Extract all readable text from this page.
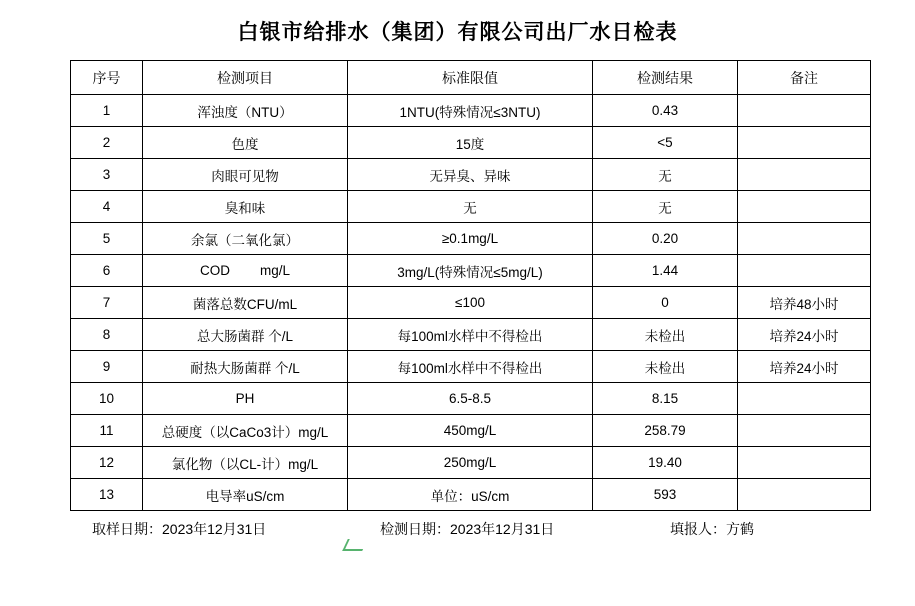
白银市给排水（集团）有限公司出厂水日检表
序号	检测项目	标准限值	检测结果	备注
1	浑浊度（NTU）	1NTU(特殊情况≤3NTU)	0.43	
2	色度	15度	<5	
3	肉眼可见物	无异臭、异味	无	
4	臭和味	无	无	
5	余氯（二氧化氯）	≥0.1mg/L	0.20	
6	COD        mg/L	3mg/L(特殊情况≤5mg/L)	1.44	
7	菌落总数CFU/mL	≤100	0	培养48小时
8	总大肠菌群 个/L	每100ml水样中不得检出	未检出	培养24小时
9	耐热大肠菌群 个/L	每100ml水样中不得检出	未检出	培养24小时
10	PH	6.5-8.5	8.15	
11	总硬度（以CaCo3计）mg/L	450mg/L	258.79	
12	氯化物（以CL-计）mg/L	250mg/L	19.40	
13	电导率uS/cm	单位：uS/cm	593	
取样日期：2023年12月31日	检测日期：2023年12月31日	填报人：方鹤
